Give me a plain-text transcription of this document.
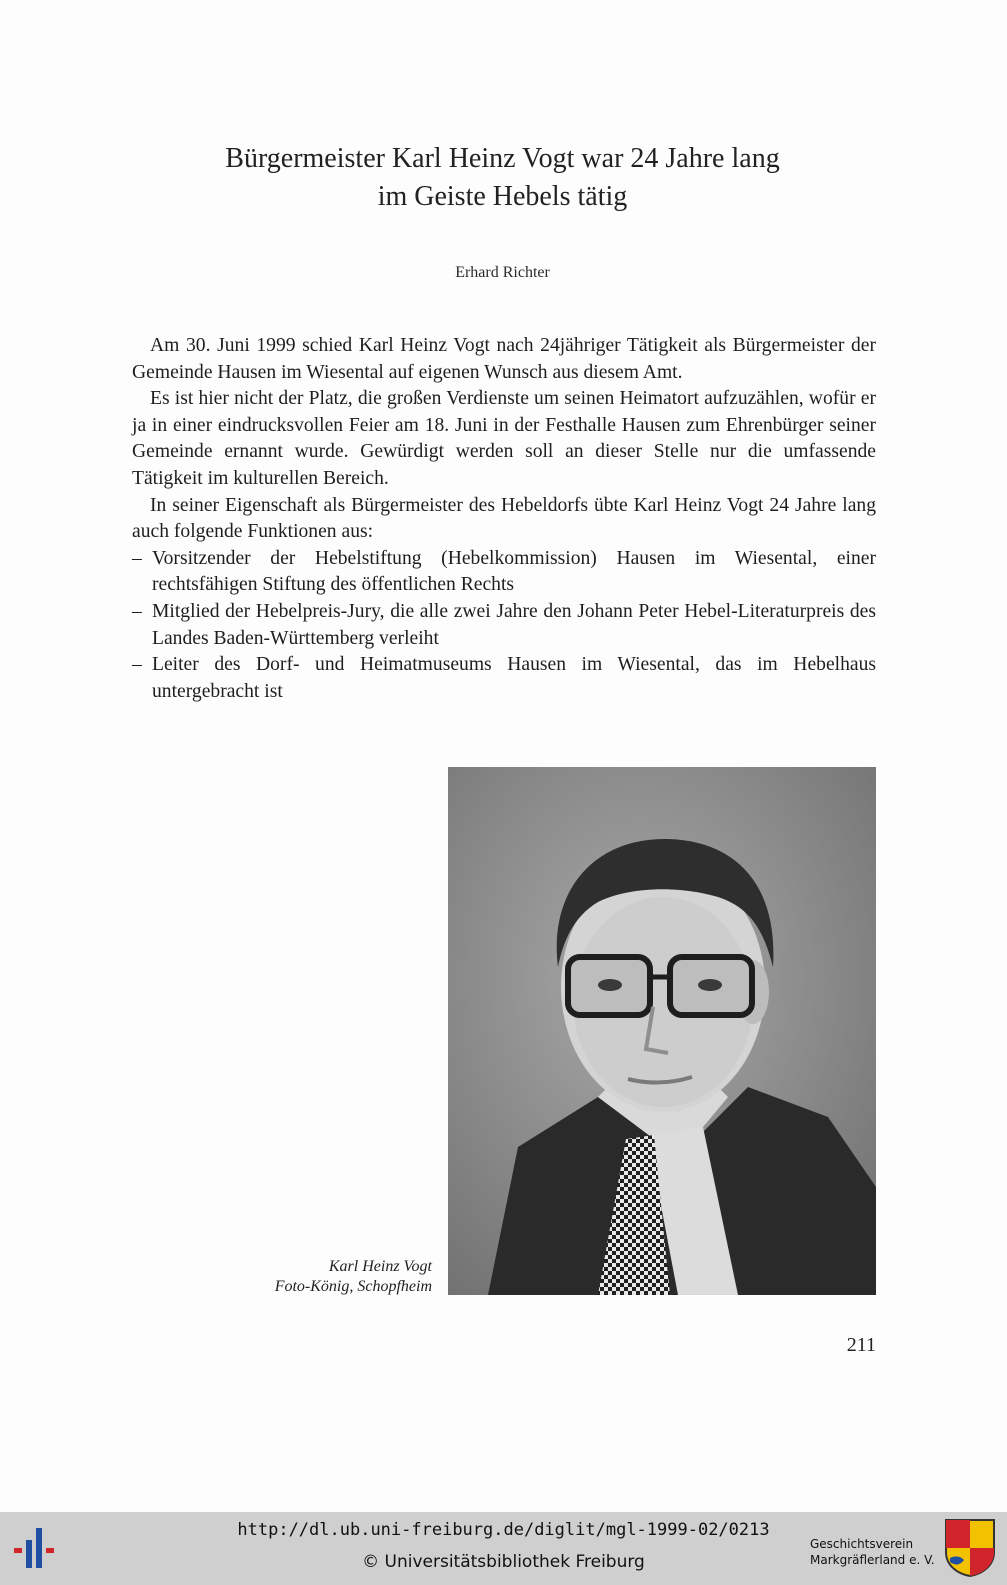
Bürgermeister Karl Heinz Vogt war 24 Jahre lang
im Geiste Hebels tätig
Erhard Richter

Am 30. Juni 1999 schied Karl Heinz Vogt nach 24jähriger Tätigkeit als Bürgermeister der Gemeinde Hausen im Wiesental auf eigenen Wunsch aus diesem Amt.

Es ist hier nicht der Platz, die großen Verdienste um seinen Heimatort aufzuzählen, wofür er ja in einer eindrucksvollen Feier am 18. Juni in der Festhalle Hausen zum Ehrenbürger seiner Gemeinde ernannt wurde. Gewürdigt werden soll an dieser Stelle nur die umfassende Tätigkeit im kulturellen Bereich.

In seiner Eigenschaft als Bürgermeister des Hebeldorfs übte Karl Heinz Vogt 24 Jahre lang auch folgende Funktionen aus:

– Vorsitzender der Hebelstiftung (Hebelkommission) Hausen im Wiesental, einer rechtsfähigen Stiftung des öffentlichen Rechts
– Mitglied der Hebelpreis-Jury, die alle zwei Jahre den Johann Peter Hebel-Literaturpreis des Landes Baden-Württemberg verleiht
– Leiter des Dorf- und Heimatmuseums Hausen im Wiesental, das im Hebelhaus untergebracht ist
Karl Heinz Vogt
Foto-König, Schopfheim
211
http://dl.ub.uni-freiburg.de/diglit/mgl-1999-02/0213
© Universitätsbibliothek Freiburg
Geschichtsverein
Markgräflerland e. V.
